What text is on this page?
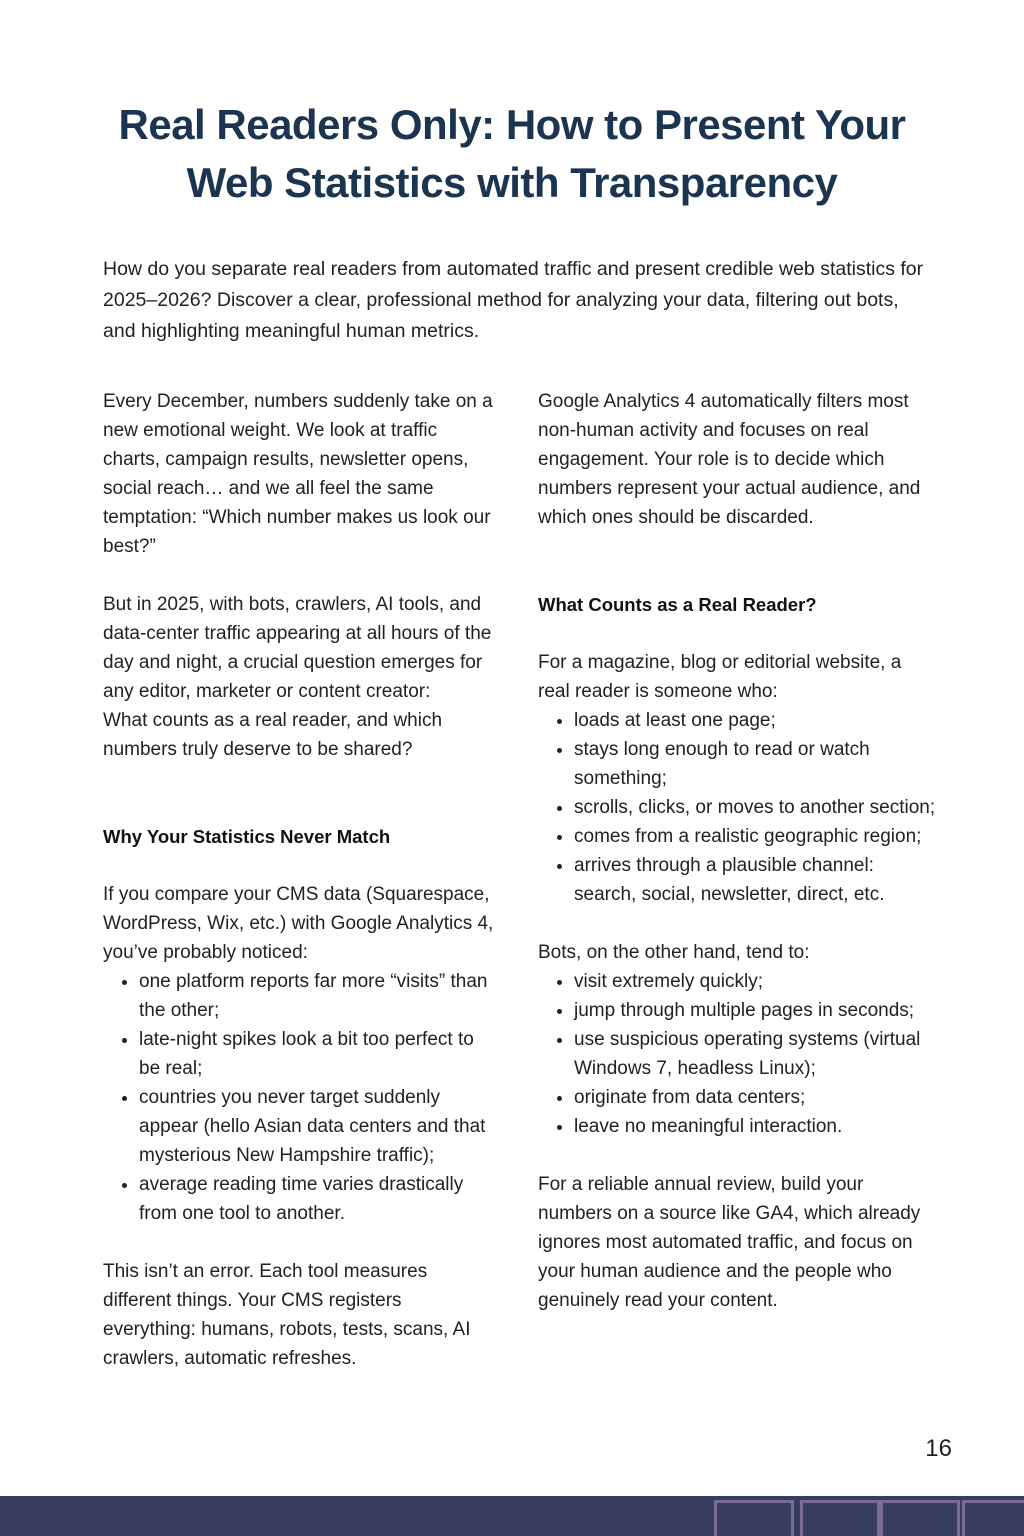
Real Readers Only: How to Present Your
Web Statistics with Transparency

How do you separate real readers from automated traffic and present credible web statistics for 2025–2026? Discover a clear, professional method for analyzing your data, filtering out bots, and highlighting meaningful human metrics.

Every December, numbers suddenly take on a new emotional weight. We look at traffic charts, campaign results, newsletter opens, social reach… and we all feel the same temptation: “Which number makes us look our best?”

But in 2025, with bots, crawlers, AI tools, and data-center traffic appearing at all hours of the day and night, a crucial question emerges for any editor, marketer or content creator:

What counts as a real reader, and which numbers truly deserve to be shared?

Why Your Statistics Never Match

If you compare your CMS data (Squarespace, WordPress, Wix, etc.) with Google Analytics 4, you’ve probably noticed:

• one platform reports far more “visits” than the other;
• late-night spikes look a bit too perfect to be real;
• countries you never target suddenly appear (hello Asian data centers and that mysterious New Hampshire traffic);
• average reading time varies drastically from one tool to another.

This isn’t an error. Each tool measures different things. Your CMS registers everything: humans, robots, tests, scans, AI crawlers, automatic refreshes.

Google Analytics 4 automatically filters most non-human activity and focuses on real engagement. Your role is to decide which numbers represent your actual audience, and which ones should be discarded.

What Counts as a Real Reader?

For a magazine, blog or editorial website, a real reader is someone who:

• loads at least one page;
• stays long enough to read or watch something;
• scrolls, clicks, or moves to another section;
• comes from a realistic geographic region;
• arrives through a plausible channel: search, social, newsletter, direct, etc.

Bots, on the other hand, tend to:

• visit extremely quickly;
• jump through multiple pages in seconds;
• use suspicious operating systems (virtual Windows 7, headless Linux);
• originate from data centers;
• leave no meaningful interaction.

For a reliable annual review, build your numbers on a source like GA4, which already ignores most automated traffic, and focus on your human audience and the people who genuinely read your content.

16
